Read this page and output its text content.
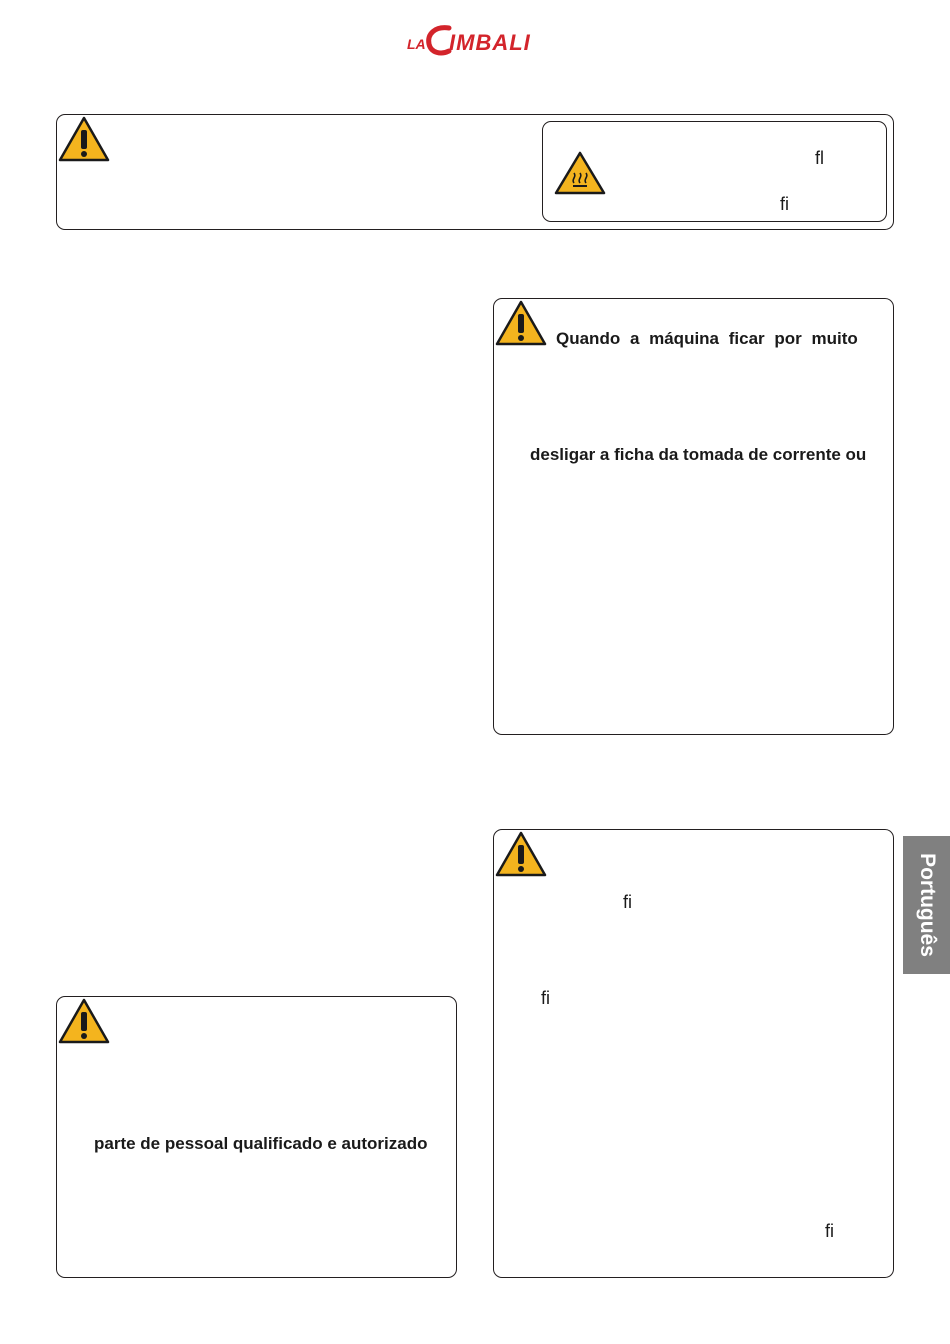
LA IMBALI
ﬂ
ﬁ
Quando a máquina ficar por muito
desligar a ficha da tomada de corrente ou
ﬁ
ﬁ
ﬁ
parte de pessoal qualificado e autorizado
Português
